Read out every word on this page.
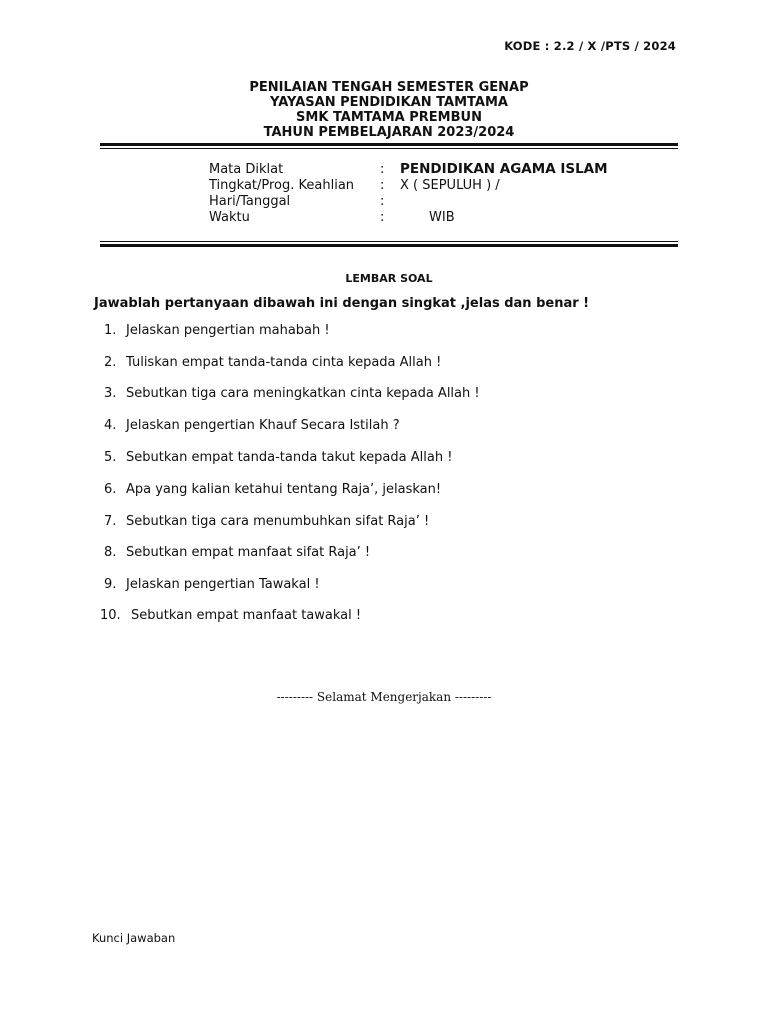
KODE : 2.2 / X /PTS / 2024
PENILAIAN TENGAH SEMESTER GENAP
YAYASAN PENDIDIKAN TAMTAMA
SMK TAMTAMA PREMBUN
TAHUN PEMBELAJARAN 2023/2024
Mata Diklat	: PENDIDIKAN AGAMA ISLAM
Tingkat/Prog. Keahlian : X ( SEPULUH ) /
Hari/Tanggal	:
Waktu	:	WIB
LEMBAR SOAL
Jawablah pertanyaan dibawah ini dengan singkat ,jelas dan benar !
1. Jelaskan pengertian mahabah !
2. Tuliskan empat tanda-tanda cinta kepada Allah !
3. Sebutkan tiga cara meningkatkan cinta kepada Allah !
4. Jelaskan pengertian Khauf Secara Istilah ?
5. Sebutkan empat tanda-tanda takut kepada Allah !
6. Apa yang kalian ketahui tentang Raja’, jelaskan!
7. Sebutkan tiga cara menumbuhkan sifat Raja’ !
8. Sebutkan empat manfaat sifat Raja’ !
9. Jelaskan pengertian Tawakal !
10. Sebutkan empat manfaat tawakal !
--------- Selamat Mengerjakan ---------
Kunci Jawaban
